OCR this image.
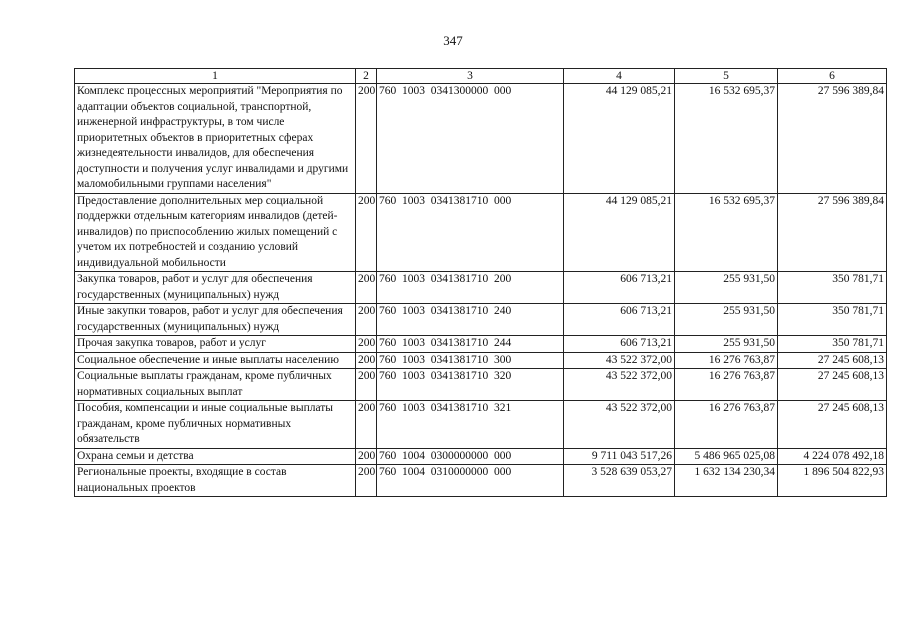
347
1	2	3	4	5	6
Комплекс процессных мероприятий "Мероприятия по адаптации объектов социальной, транспортной, инженерной инфраструктуры, в том числе приоритетных объектов в приоритетных сферах жизнедеятельности инвалидов, для обеспечения доступности и получения услуг инвалидами и другими маломобильными группами населения"	200	760 1003 0341300000 000	44 129 085,21	16 532 695,37	27 596 389,84
Предоставление дополнительных мер социальной поддержки отдельным категориям инвалидов (детей-инвалидов) по приспособлению жилых помещений с учетом их потребностей и созданию условий индивидуальной мобильности	200	760 1003 0341381710 000	44 129 085,21	16 532 695,37	27 596 389,84
Закупка товаров, работ и услуг для обеспечения государственных (муниципальных) нужд	200	760 1003 0341381710 200	606 713,21	255 931,50	350 781,71
Иные закупки товаров, работ и услуг для обеспечения государственных (муниципальных) нужд	200	760 1003 0341381710 240	606 713,21	255 931,50	350 781,71
Прочая закупка товаров, работ и услуг	200	760 1003 0341381710 244	606 713,21	255 931,50	350 781,71
Социальное обеспечение и иные выплаты населению	200	760 1003 0341381710 300	43 522 372,00	16 276 763,87	27 245 608,13
Социальные выплаты гражданам, кроме публичных нормативных социальных выплат	200	760 1003 0341381710 320	43 522 372,00	16 276 763,87	27 245 608,13
Пособия, компенсации и иные социальные выплаты гражданам, кроме публичных нормативных обязательств	200	760 1003 0341381710 321	43 522 372,00	16 276 763,87	27 245 608,13
Охрана семьи и детства	200	760 1004 0300000000 000	9 711 043 517,26	5 486 965 025,08	4 224 078 492,18
Региональные проекты, входящие в состав национальных проектов	200	760 1004 0310000000 000	3 528 639 053,27	1 632 134 230,34	1 896 504 822,93
